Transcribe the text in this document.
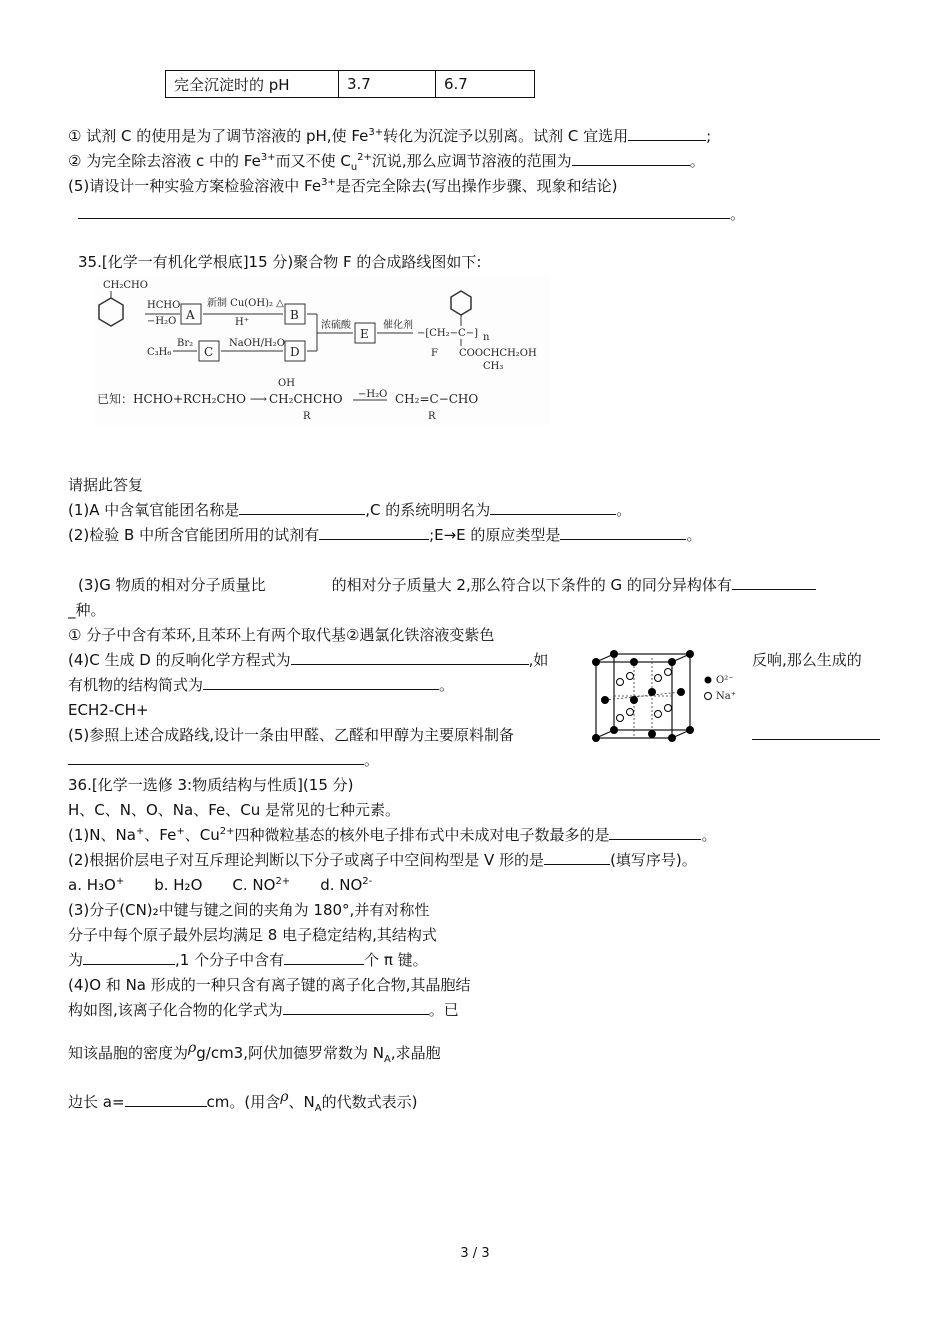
完全沉淀时的 pH	3.7	6.7
① 试剂 C 的使用是为了调节溶液的 pH,使 $Fe^{3+}$转化为沉淀予以别离。试剂 C 宜选用	;
② 为完全除去溶液 c 中的 $Fe^{3+}$而又不使 $C_u^{2+}$沉说,那么应调节溶液的范围为	。
(5)请设计一种实验方案检验溶液中 $Fe^{3+}$是否完全除去(写出操作步骤、现象和结论)
。
35.[化学一有机化学根底]15 分)聚合物 F 的合成路线图如下:
CH₂CHO
HCHO
−H₂O A
新制 Cu(OH)₂ △
H⁺
B
浓硫酸
E
催化剂
−[CH₂−C−] n
F COOCHCH₂OH
CH₃
C₃H₆
Br₂
C
NaOH/H₂O
D
已知：HCHO+RCH₂CHO ⟶
OH
CH₂CHCHO
R
−H₂O CH₂=C−CHO
R
请据此答复
(1)A 中含氧官能团名称是	,C 的系统明明名为	。
(2)检验 B 中所含官能团所用的试剂有	;E→E 的原应类型是	。
(3)G 物质的相对分子质量比	的相对分子质量大 2,那么符合以下条件的 G 的同分异构体有
_种。
① 分子中含有苯环,且苯环上有两个取代基②遇氯化铁溶液变紫色
(4)C 生成 D 的反响化学方程式为	,如	反响,那么生成的
有机物的结构简式为	。
ECH2-CH+
(5)参照上述合成路线,设计一条由甲醛、乙醛和甲醇为主要原料制备
。
O²⁻
Na⁺
36.[化学一选修 3:物质结构与性质](15 分)
H、C、N、O、Na、Fe、Cu 是常见的七种元素。
(1)N、Na+、Fe+、$Cu^{2+}$四种微粒基态的核外电子排布式中未成对电子数最多的是	。
(2)根据价层电子对互斥理论判断以下分子或离子中空间构型是 V 形的是	(填写序号)。
a. H₃O+ b. H₂O C. $NO^{2+}$ d. $NO^{2-}$
(3)分子(CN)₂中键与键之间的夹角为 180°,并有对称性
分子中每个原子最外层均满足 8 电子稳定结构,其结构式
为	,1 个分子中含有	个 π 键。
(4)O 和 Na 形成的一种只含有离子键的离子化合物,其晶胞结
构如图,该离子化合物的化学式为	。已
知该晶胞的密度为ρg/cm3,阿伏加德罗常数为 $N_A$,求晶胞
边长 a=	cm。(用含ρ、$N_A$的代数式表示)
3 / 3
